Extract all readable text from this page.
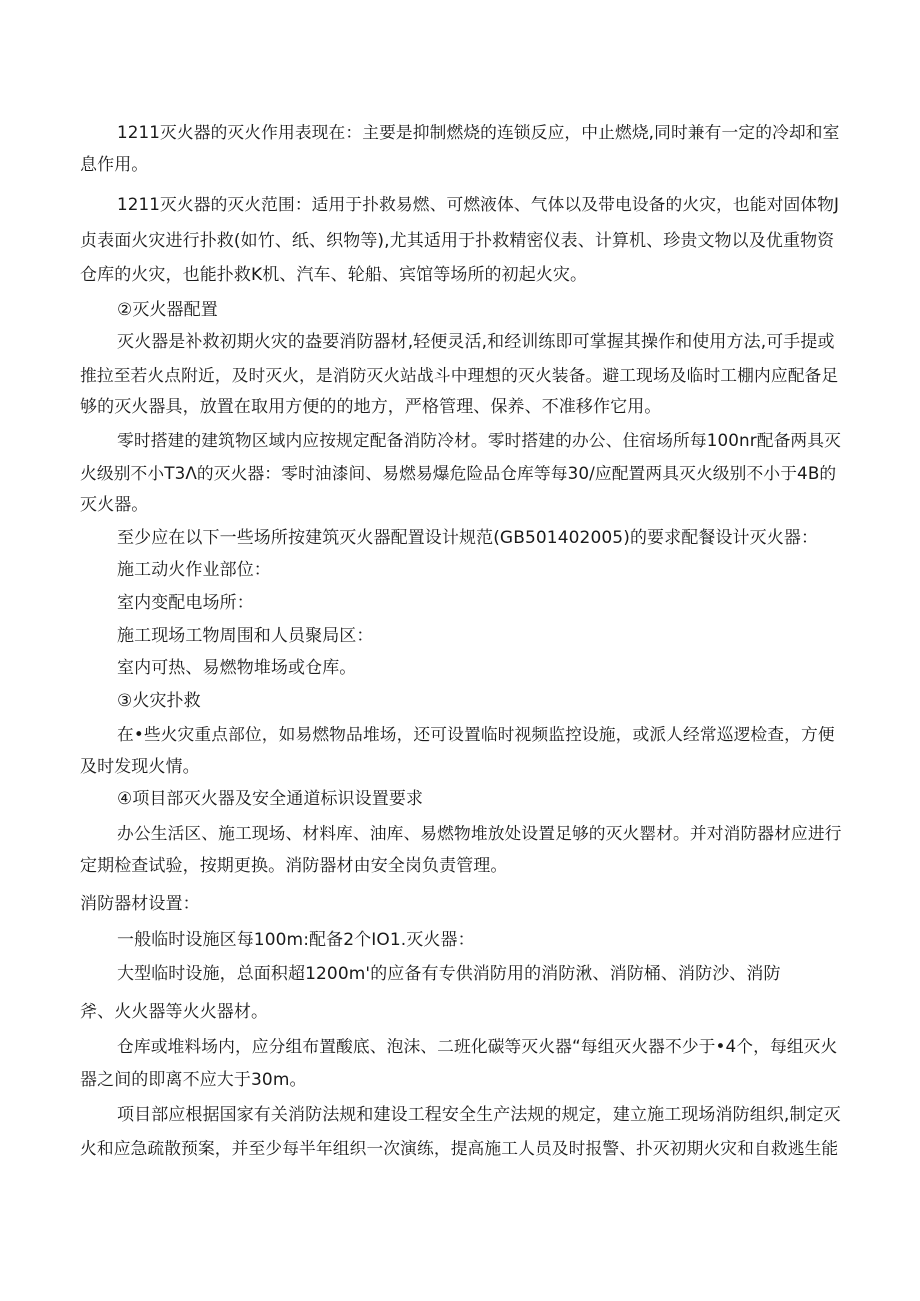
1211灭火器的灭火作用表现在：主要是抑制燃烧的连锁反应，中止燃烧,同时兼有一定的冷却和室
息作用。
1211灭火器的灭火范围：适用于扑救易燃、可燃液体、气体以及带电设备的火灾，也能对固体物J
贞表面火灾进行扑救(如竹、纸、织物等),尤其适用于扑救精密仪表、计算机、珍贵文物以及优重物资
仓库的火灾，也能扑救K机、汽车、轮船、宾馆等场所的初起火灾。
②灭火器配置
灭火器是补救初期火灾的盎要消防器材,轻便灵活,和经训练即可掌握其操作和使用方法,可手提或
推拉至若火点附近，及时灭火，是消防灭火站战斗中理想的灭火装备。避工现场及临时工棚内应配备足
够的灭火器具，放置在取用方便的的地方，严格管理、保养、不准移作它用。
零时搭建的建筑物区域内应按规定配备消防冷材。零时搭建的办公、住宿场所每100nr配备两具灭
火级别不小T3Λ的灭火器：零时油漆间、易燃易爆危险品仓库等每30/应配置两具灭火级别不小于4B的
灭火器。
至少应在以下一些场所按建筑灭火器配置设计规范(GB501402005)的要求配餐设计灭火器：
施工动火作业部位：
室内变配电场所：
施工现场工物周围和人员聚局区：
室内可热、易燃物堆场或仓库。
③火灾扑救
在•些火灾重点部位，如易燃物品堆场，还可设置临时视频监控设施，或派人经常巡逻检查，方便
及时发现火情。
④项目部灭火器及安全通道标识设置要求
办公生活区、施工现场、材料库、油库、易燃物堆放处设置足够的灭火罂材。并对消防器材应进行
定期检查试验，按期更换。消防器材由安全岗负责管理。
消防器材设置：
一般临时设施区每100m:配备2个IO1.灭火器：
大型临时设施，总面积超1200m'的应备有专供消防用的消防湫、消防桶、消防沙、消防
斧、火火器等火火器材。
仓库或堆料场内，应分组布置酸底、泡沫、二班化碳等灭火器“每组灭火器不少于•4个，每组灭火
器之间的即离不应大于30m。
项目部应根据国家有关消防法规和建设工程安全生产法规的规定，建立施工现场消防组织,制定灭
火和应急疏散预案，并至少每半年组织一次演练，提高施工人员及时报警、扑灭初期火灾和自救逃生能
